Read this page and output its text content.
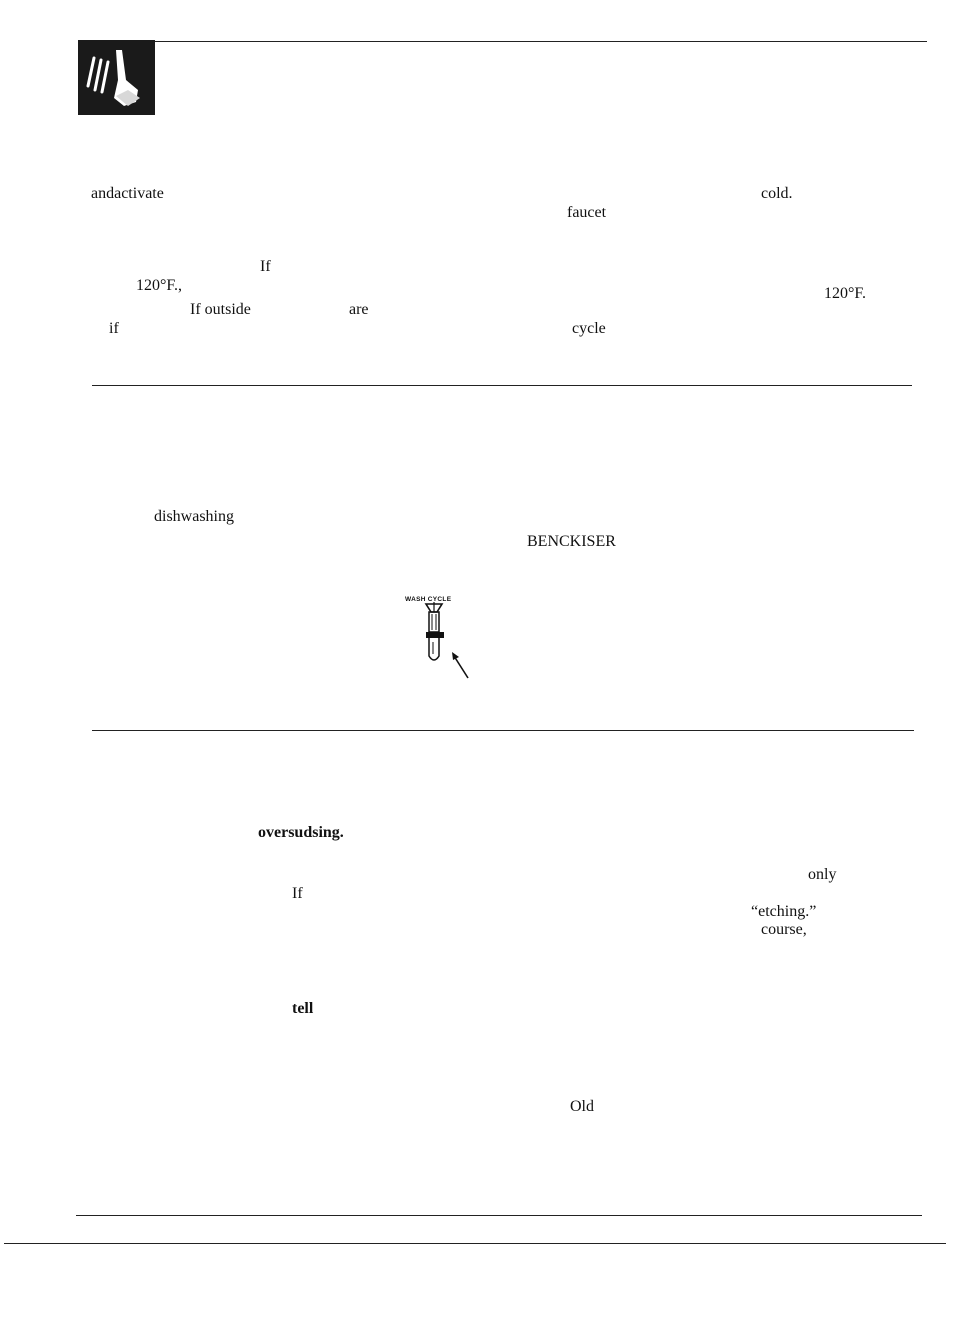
andactivate	cold.
faucet
If
120°F.,	120°F.
If outside	are
if	cycle
dishwashing
BENCKISER
WASH CYCLE
oversudsing.
only
If
“etching.”
course,
tell
Old
